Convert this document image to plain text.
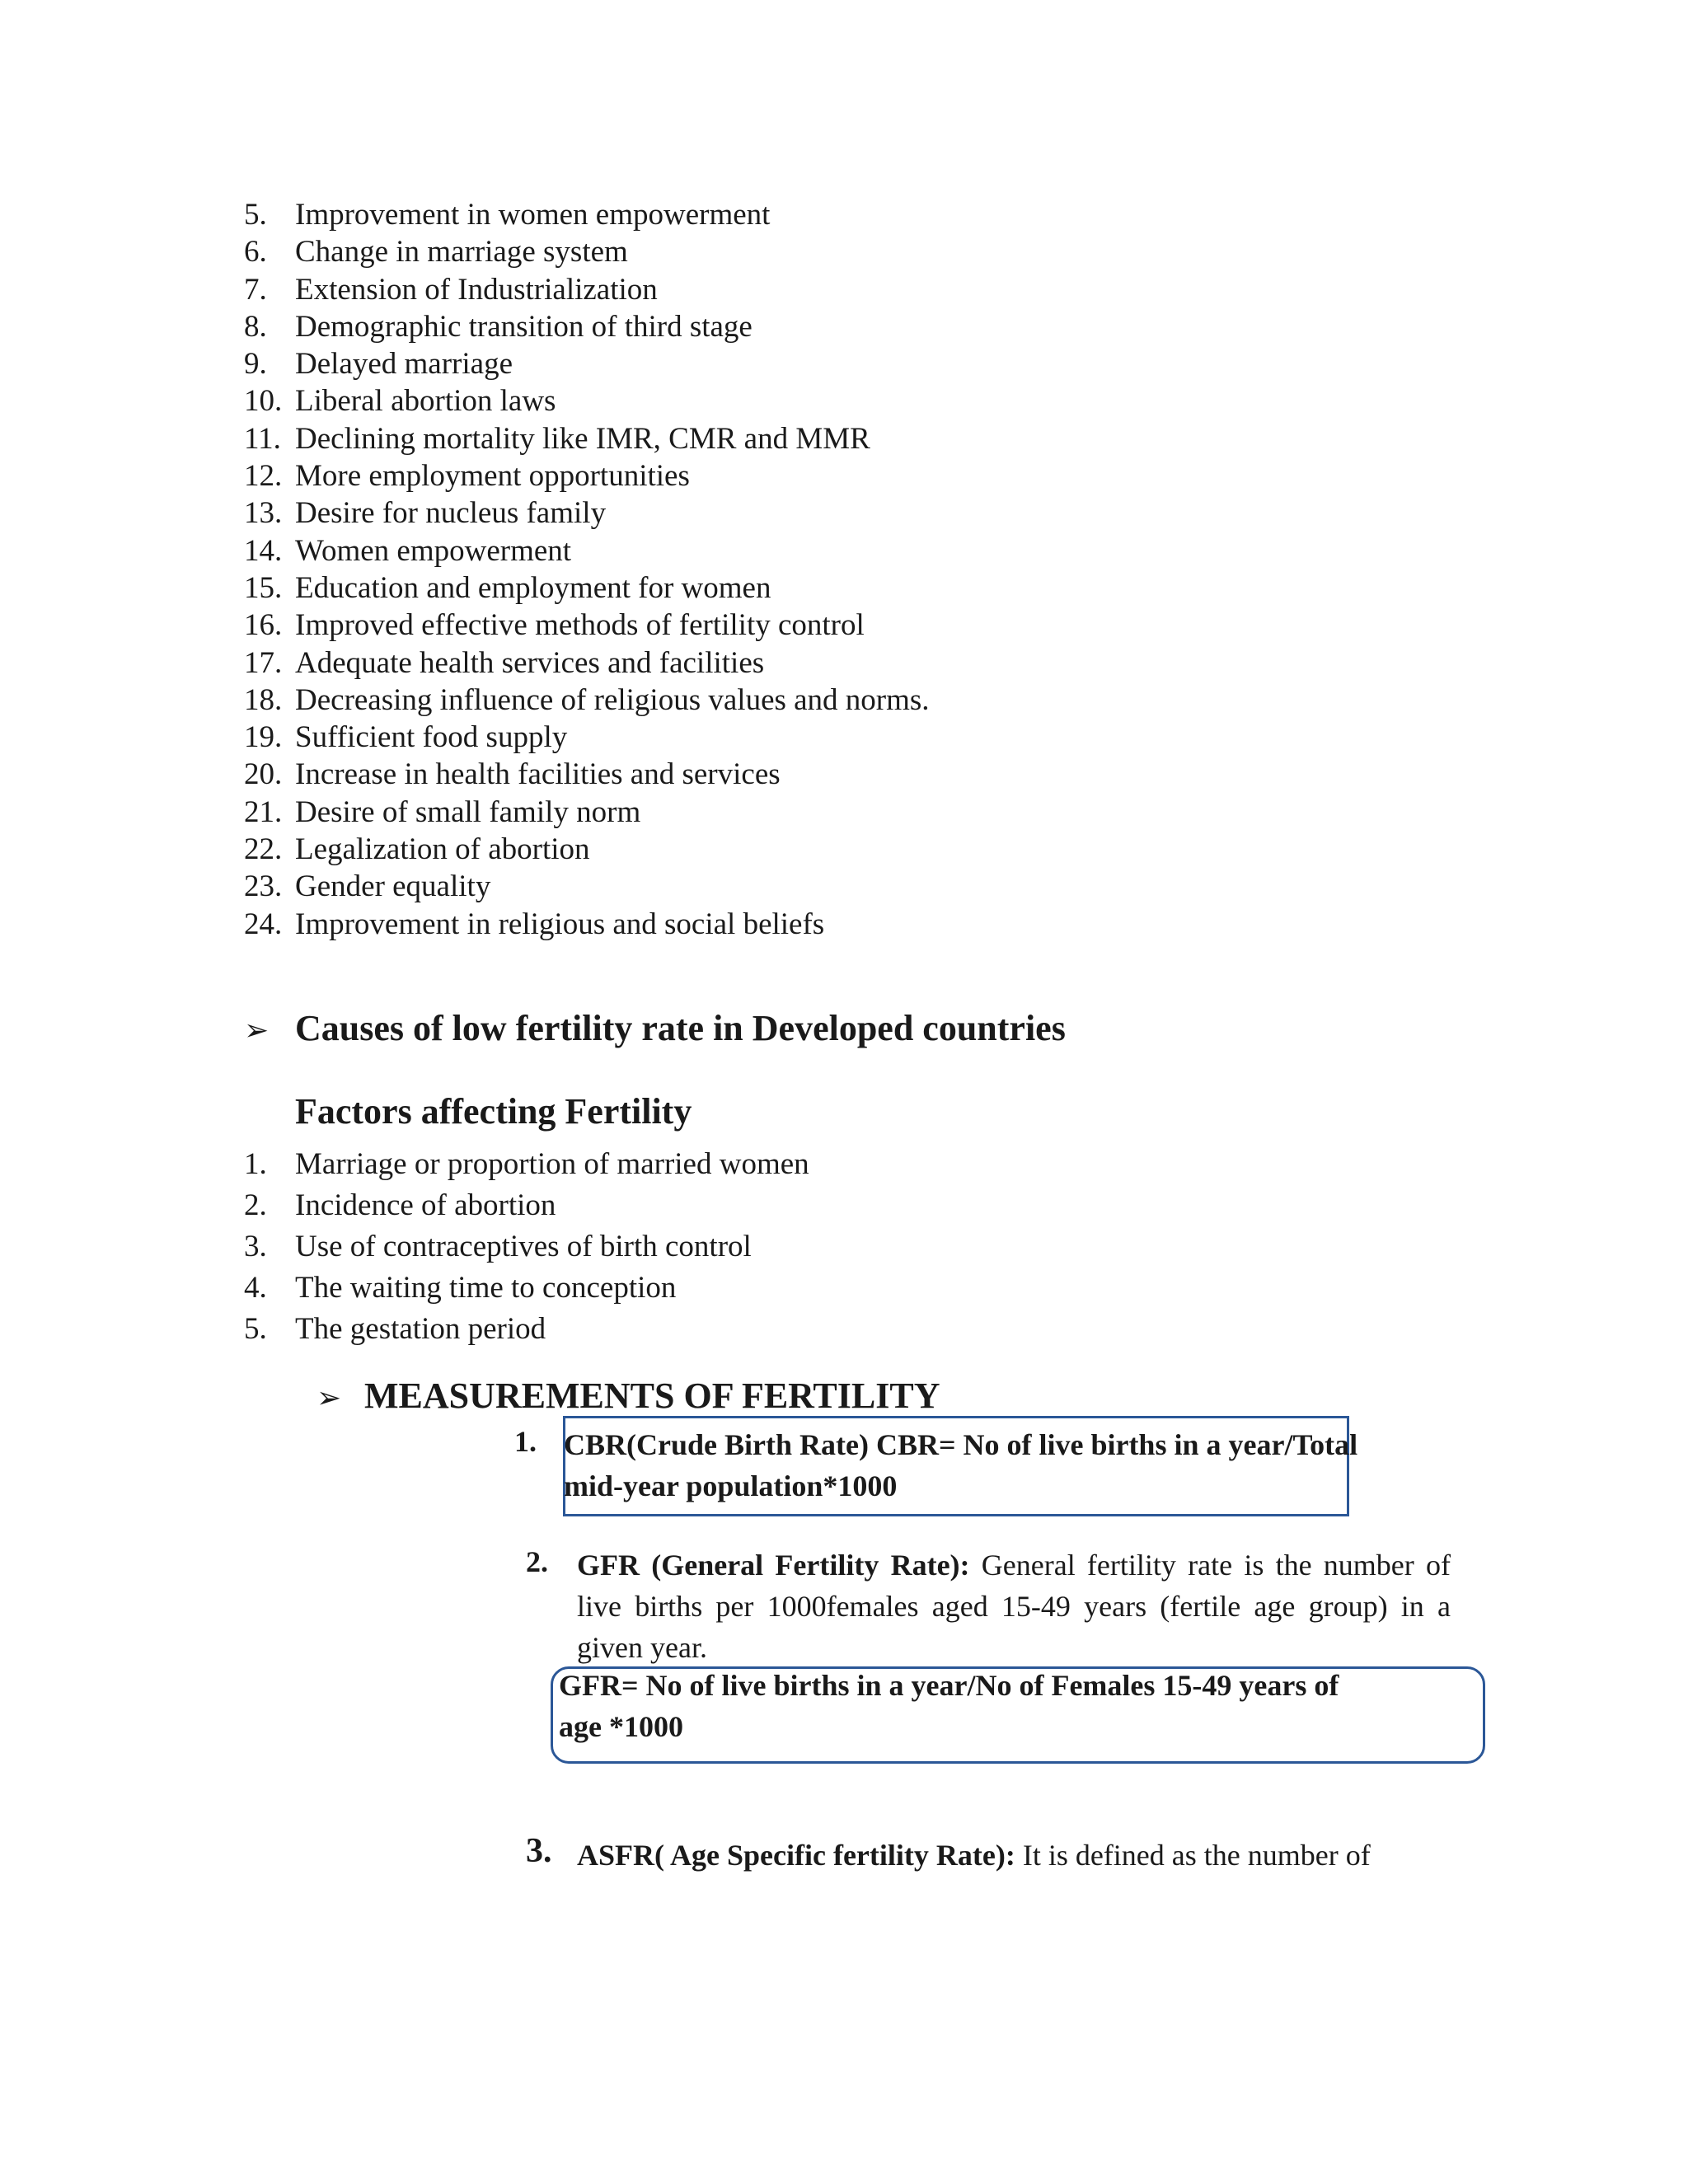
5. Improvement in women empowerment
6. Change in marriage system
7. Extension of Industrialization
8. Demographic transition of third stage
9. Delayed marriage
10. Liberal abortion laws
11. Declining mortality like IMR, CMR and MMR
12. More employment opportunities
13. Desire for nucleus family
14. Women empowerment
15. Education and employment for women
16. Improved effective methods of fertility control
17. Adequate health services and facilities
18. Decreasing influence of religious values and norms.
19. Sufficient food supply
20. Increase in health facilities and services
21. Desire of small family norm
22. Legalization of abortion
23. Gender equality
24. Improvement in religious and social beliefs
➢ Causes of low fertility rate in Developed countries
Factors affecting Fertility
1. Marriage or proportion of married women
2. Incidence of abortion
3. Use of contraceptives of birth control
4. The waiting time to conception
5. The gestation period
➢ MEASUREMENTS OF FERTILITY
1. CBR(Crude Birth Rate) CBR= No of live births in a year/Total
mid-year population*1000
2. GFR (General Fertility Rate): General fertility rate is the number of live births per 1000females aged 15-49 years (fertile age group) in a given year.
GFR= No of live births in a year/No of Females 15-49 years of
age *1000
3. ASFR( Age Specific fertility Rate): It is defined as the number of
